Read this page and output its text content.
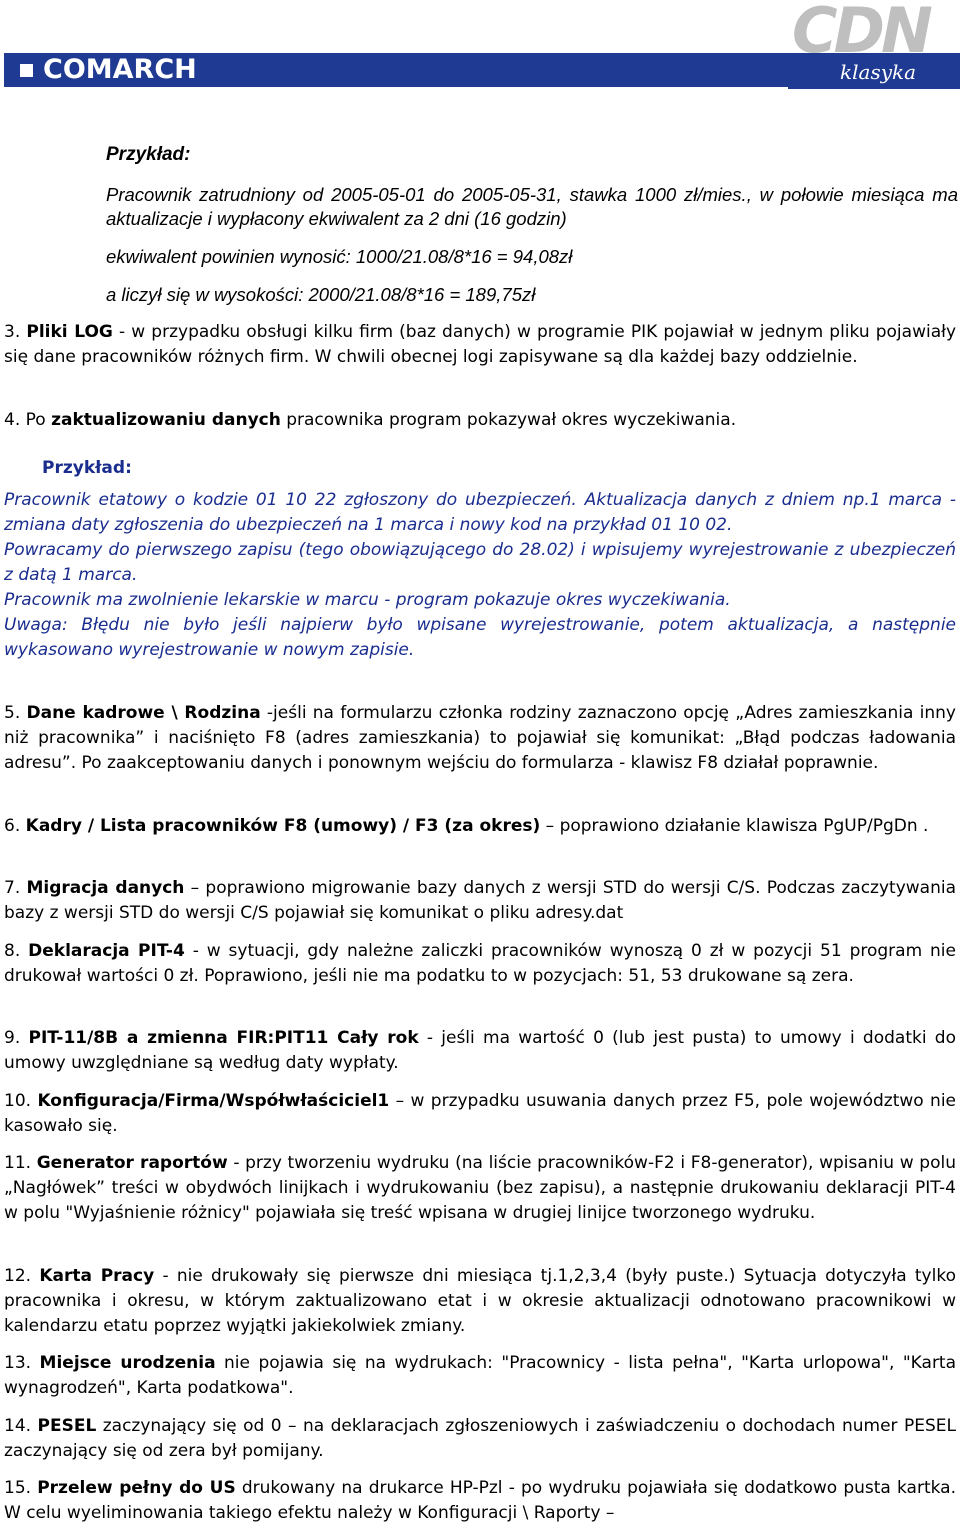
COMARCH
CDN
klasyka
Przykład:
Pracownik zatrudniony od 2005-05-01 do 2005-05-31, stawka 1000 zł/mies., w połowie miesiąca ma aktualizacje i wypłacony ekwiwalent za 2 dni (16 godzin)
ekwiwalent powinien wynosić: 1000/21.08/8*16 = 94,08zł
a liczył się w wysokości: 2000/21.08/8*16 = 189,75zł
3. Pliki LOG - w przypadku obsługi kilku firm (baz danych) w programie PIK pojawiał w jednym pliku pojawiały się dane pracowników różnych firm. W chwili obecnej logi zapisywane są dla każdej bazy oddzielnie.
4. Po zaktualizowaniu danych pracownika program pokazywał okres wyczekiwania.
Przykład:
Pracownik etatowy o kodzie 01 10 22 zgłoszony do ubezpieczeń. Aktualizacja danych z dniem np.1 marca - zmiana daty zgłoszenia do ubezpieczeń na 1 marca i nowy kod na przykład 01 10 02.
Powracamy do pierwszego zapisu (tego obowiązującego do 28.02) i wpisujemy wyrejestrowanie z ubezpieczeń z datą 1 marca.
Pracownik ma zwolnienie lekarskie w marcu - program pokazuje okres wyczekiwania.
Uwaga: Błędu nie było jeśli najpierw było wpisane wyrejestrowanie, potem aktualizacja, a następnie wykasowano wyrejestrowanie w nowym zapisie.
5. Dane kadrowe \ Rodzina -jeśli na formularzu członka rodziny zaznaczono opcję „Adres zamieszkania inny niż pracownika” i naciśnięto F8 (adres zamieszkania) to pojawiał się komunikat: „Błąd podczas ładowania adresu”. Po zaakceptowaniu danych i ponownym wejściu do formularza - klawisz F8 działał poprawnie.
6. Kadry / Lista pracowników F8 (umowy) / F3 (za okres) – poprawiono działanie klawisza PgUP/PgDn .
7. Migracja danych – poprawiono migrowanie bazy danych z wersji STD do wersji C/S. Podczas zaczytywania bazy z wersji STD do wersji C/S pojawiał się komunikat o pliku adresy.dat
8. Deklaracja PIT-4 - w sytuacji, gdy należne zaliczki pracowników wynoszą 0 zł w pozycji 51 program nie drukował wartości 0 zł. Poprawiono, jeśli nie ma podatku to w pozycjach: 51, 53 drukowane są zera.
9. PIT-11/8B a zmienna FIR:PIT11 Cały rok - jeśli ma wartość 0 (lub jest pusta) to umowy i dodatki do umowy uwzględniane są według daty wypłaty.
10. Konfiguracja/Firma/Współwłaściciel1 – w przypadku usuwania danych przez F5, pole województwo nie kasowało się.
11. Generator raportów - przy tworzeniu wydruku (na liście pracowników-F2 i F8-generator), wpisaniu w polu „Nagłówek” treści w obydwóch linijkach i wydrukowaniu (bez zapisu), a następnie drukowaniu deklaracji PIT-4 w polu "Wyjaśnienie różnicy" pojawiała się treść wpisana w drugiej linijce tworzonego wydruku.
12. Karta Pracy - nie drukowały się pierwsze dni miesiąca tj.1,2,3,4 (były puste.) Sytuacja dotyczyła tylko pracownika i okresu, w którym zaktualizowano etat i w okresie aktualizacji odnotowano pracownikowi w kalendarzu etatu poprzez wyjątki jakiekolwiek zmiany.
13. Miejsce urodzenia nie pojawia się na wydrukach: "Pracownicy - lista pełna", "Karta urlopowa", "Karta wynagrodzeń", Karta podatkowa".
14. PESEL zaczynający się od 0 – na deklaracjach zgłoszeniowych i zaświadczeniu o dochodach numer PESEL zaczynający się od zera był pomijany.
15. Przelew pełny do US drukowany na drukarce HP-Pzl - po wydruku pojawiała się dodatkowo pusta kartka. W celu wyeliminowania takiego efektu należy w Konfiguracji \ Raporty –
